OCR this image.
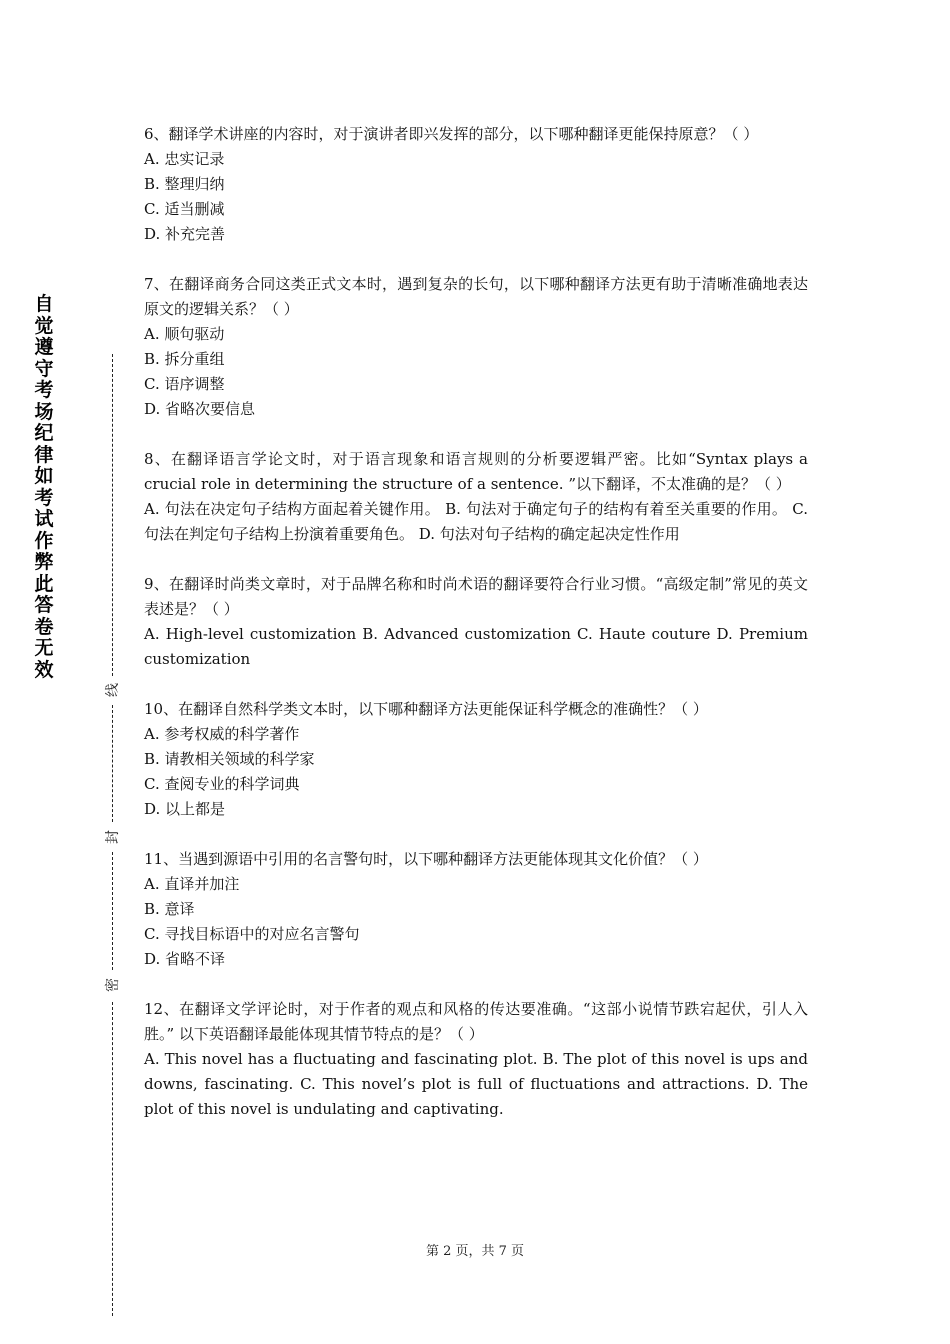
自觉遵守考场纪律如考试作弊此答卷无效
线
封
密
6、翻译学术讲座的内容时，对于演讲者即兴发挥的部分，以下哪种翻译更能保持原意？（ ）
A. 忠实记录
B. 整理归纳
C. 适当删减
D. 补充完善
7、在翻译商务合同这类正式文本时，遇到复杂的长句，以下哪种翻译方法更有助于清晰准确地表达原文的逻辑关系？（ ）
A. 顺句驱动
B. 拆分重组
C. 语序调整
D. 省略次要信息
8、在翻译语言学论文时，对于语言现象和语言规则的分析要逻辑严密。比如“Syntax plays a crucial role in determining the structure of a sentence. ”以下翻译，不太准确的是？（ ）
A. 句法在决定句子结构方面起着关键作用。 B. 句法对于确定句子的结构有着至关重要的作用。 C. 句法在判定句子结构上扮演着重要角色。 D. 句法对句子结构的确定起决定性作用
9、在翻译时尚类文章时，对于品牌名称和时尚术语的翻译要符合行业习惯。“高级定制”常见的英文表述是？（ ）
A. High-level customization B. Advanced customization C. Haute couture D. Premium customization
10、在翻译自然科学类文本时，以下哪种翻译方法更能保证科学概念的准确性？（ ）
A. 参考权威的科学著作
B. 请教相关领域的科学家
C. 查阅专业的科学词典
D. 以上都是
11、当遇到源语中引用的名言警句时，以下哪种翻译方法更能体现其文化价值？（ ）
A. 直译并加注
B. 意译
C. 寻找目标语中的对应名言警句
D. 省略不译
12、在翻译文学评论时，对于作者的观点和风格的传达要准确。“这部小说情节跌宕起伏，引人入胜。” 以下英语翻译最能体现其情节特点的是？（ ）
A. This novel has a fluctuating and fascinating plot. B. The plot of this novel is ups and downs, fascinating. C. This novel’s plot is full of fluctuations and attractions. D. The plot of this novel is undulating and captivating.
第 2 页，共 7 页
